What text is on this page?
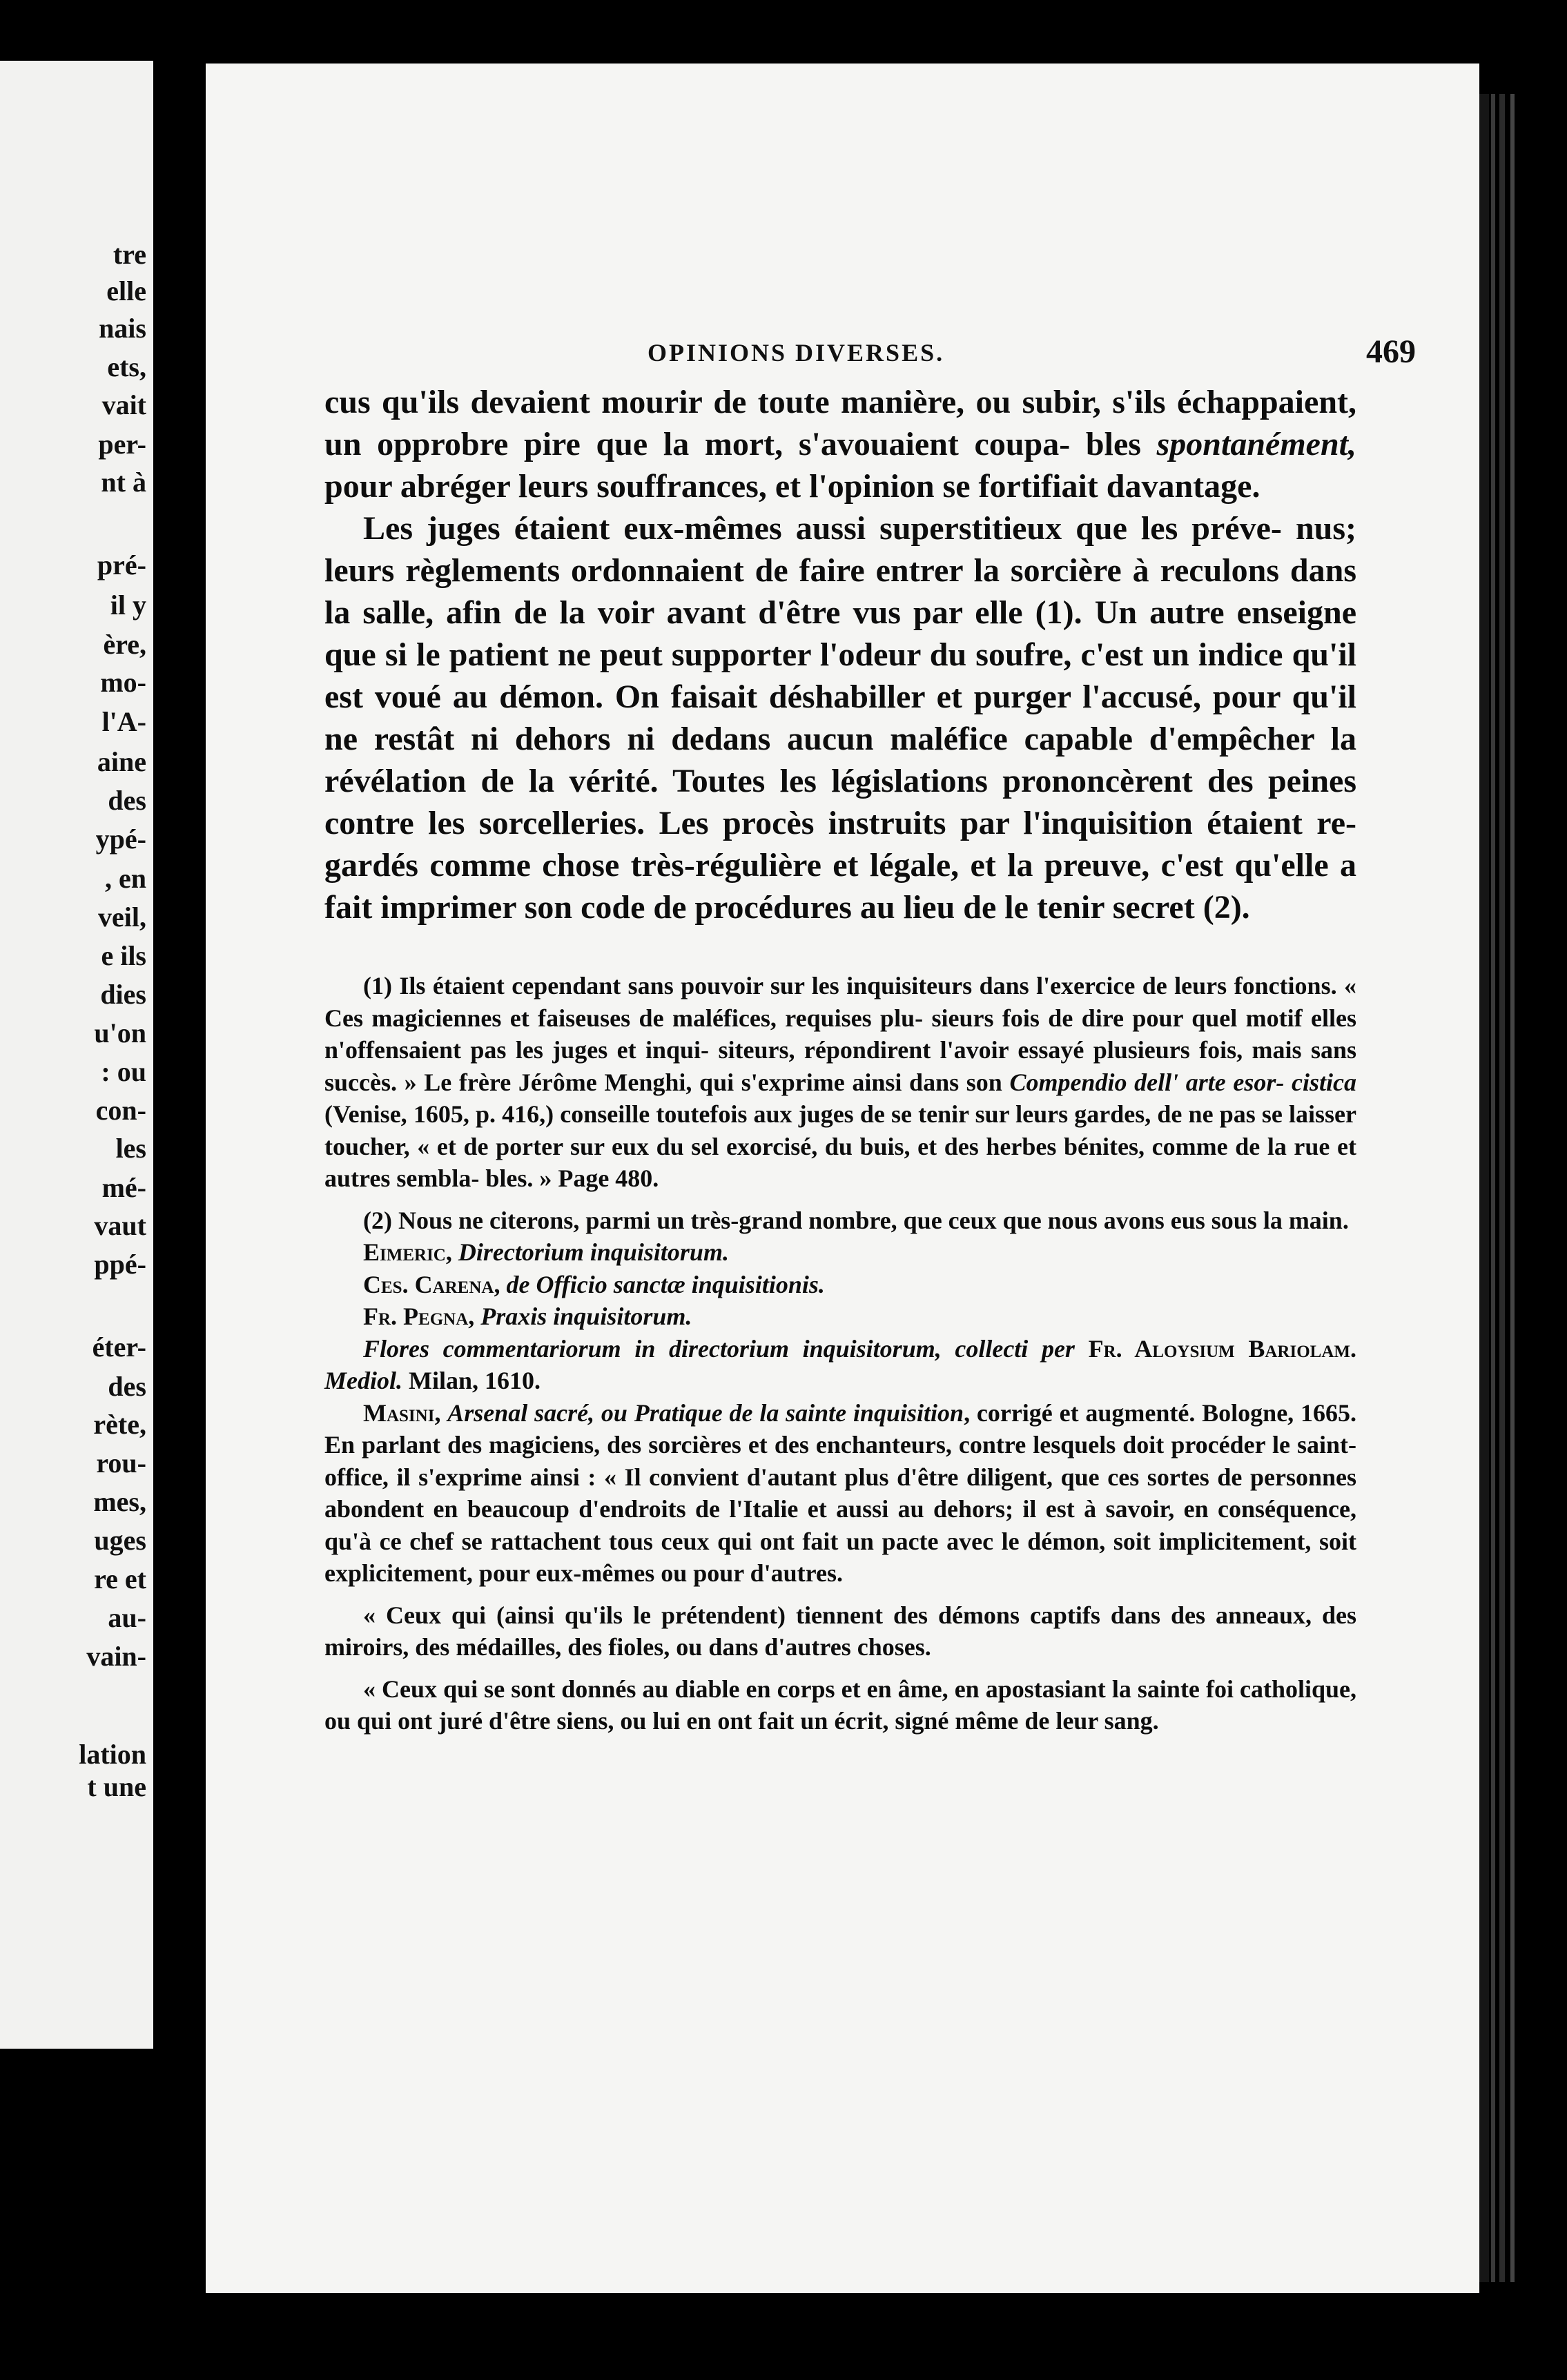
tre
elle
nais
ets,
vait
per-
nt à
pré-
il y
ère,
mo-
l'A-
aine
des
ypé-
, en
veil,
e ils
dies
u'on
: ou
con-
les
mé-
vaut
ppé-
éter-
des
rète,
rou-
mes,
uges
re et
au-
vain-
lation
t une
OPINIONS DIVERSES.	469

cus qu'ils devaient mourir de toute manière, ou subir, s'ils échappaient, un opprobre pire que la mort, s'avouaient coupa- bles spontanément, pour abréger leurs souffrances, et l'opinion se fortifiait davantage.

Les juges étaient eux-mêmes aussi superstitieux que les préve- nus; leurs règlements ordonnaient de faire entrer la sorcière à reculons dans la salle, afin de la voir avant d'être vus par elle (1). Un autre enseigne que si le patient ne peut supporter l'odeur du soufre, c'est un indice qu'il est voué au démon. On faisait déshabiller et purger l'accusé, pour qu'il ne restât ni dehors ni dedans aucun maléfice capable d'empêcher la révélation de la vérité. Toutes les législations prononcèrent des peines contre les sorcelleries. Les procès instruits par l'inquisition étaient re- gardés comme chose très-régulière et légale, et la preuve, c'est qu'elle a fait imprimer son code de procédures au lieu de le tenir secret (2).

(1) Ils étaient cependant sans pouvoir sur les inquisiteurs dans l'exercice de leurs fonctions. « Ces magiciennes et faiseuses de maléfices, requises plu- sieurs fois de dire pour quel motif elles n'offensaient pas les juges et inqui- siteurs, répondirent l'avoir essayé plusieurs fois, mais sans succès. » Le frère Jérôme Menghi, qui s'exprime ainsi dans son Compendio dell' arte esor- cistica (Venise, 1605, p. 416,) conseille toutefois aux juges de se tenir sur leurs gardes, de ne pas se laisser toucher, « et de porter sur eux du sel exorcisé, du buis, et des herbes bénites, comme de la rue et autres sembla- bles. » Page 480.

(2) Nous ne citerons, parmi un très-grand nombre, que ceux que nous avons eus sous la main.

Eimeric, Directorium inquisitorum.

Ces. Carena, de Officio sanctæ inquisitionis.

Fr. Pegna, Praxis inquisitorum.

Flores commentariorum in directorium inquisitorum, collecti per Fr. Aloysium Bariolam. Mediol. Milan, 1610.

Masini, Arsenal sacré, ou Pratique de la sainte inquisition, corrigé et augmenté. Bologne, 1665. En parlant des magiciens, des sorcières et des enchanteurs, contre lesquels doit procéder le saint-office, il s'exprime ainsi : « Il convient d'autant plus d'être diligent, que ces sortes de personnes abondent en beaucoup d'endroits de l'Italie et aussi au dehors; il est à savoir, en conséquence, qu'à ce chef se rattachent tous ceux qui ont fait un pacte avec le démon, soit implicitement, soit explicitement, pour eux-mêmes ou pour d'autres.

« Ceux qui (ainsi qu'ils le prétendent) tiennent des démons captifs dans des anneaux, des miroirs, des médailles, des fioles, ou dans d'autres choses.

« Ceux qui se sont donnés au diable en corps et en âme, en apostasiant la sainte foi catholique, ou qui ont juré d'être siens, ou lui en ont fait un écrit, signé même de leur sang.
